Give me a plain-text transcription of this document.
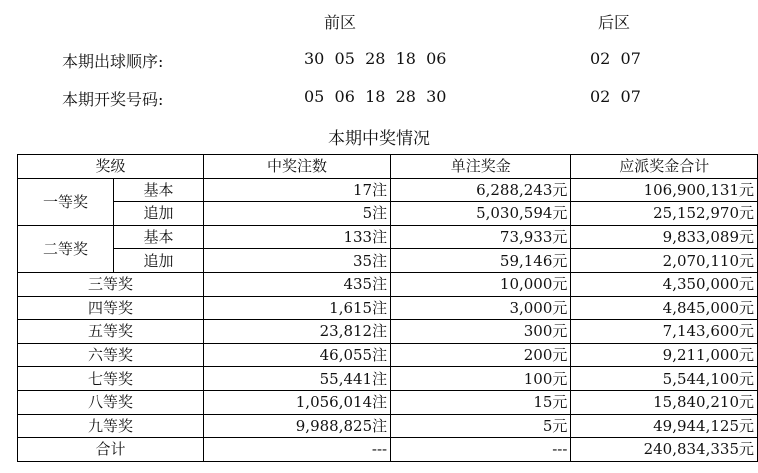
前区	后区
本期出球顺序:	30  05  28  18  06	02  07
本期开奖号码:	05  06  18  28  30	02  07
本期中奖情况
奖级		中奖注数	单注奖金	应派奖金合计
一等奖	基本	17注	6,288,243元	106,900,131元
	追加	5注	5,030,594元	25,152,970元
二等奖	基本	133注	73,933元	9,833,089元
	追加	35注	59,146元	2,070,110元
三等奖		435注	10,000元	4,350,000元
四等奖		1,615注	3,000元	4,845,000元
五等奖		23,812注	300元	7,143,600元
六等奖		46,055注	200元	9,211,000元
七等奖		55,441注	100元	5,544,100元
八等奖		1,056,014注	15元	15,840,210元
九等奖		9,988,825注	5元	49,944,125元
合计		---	---	240,834,335元
